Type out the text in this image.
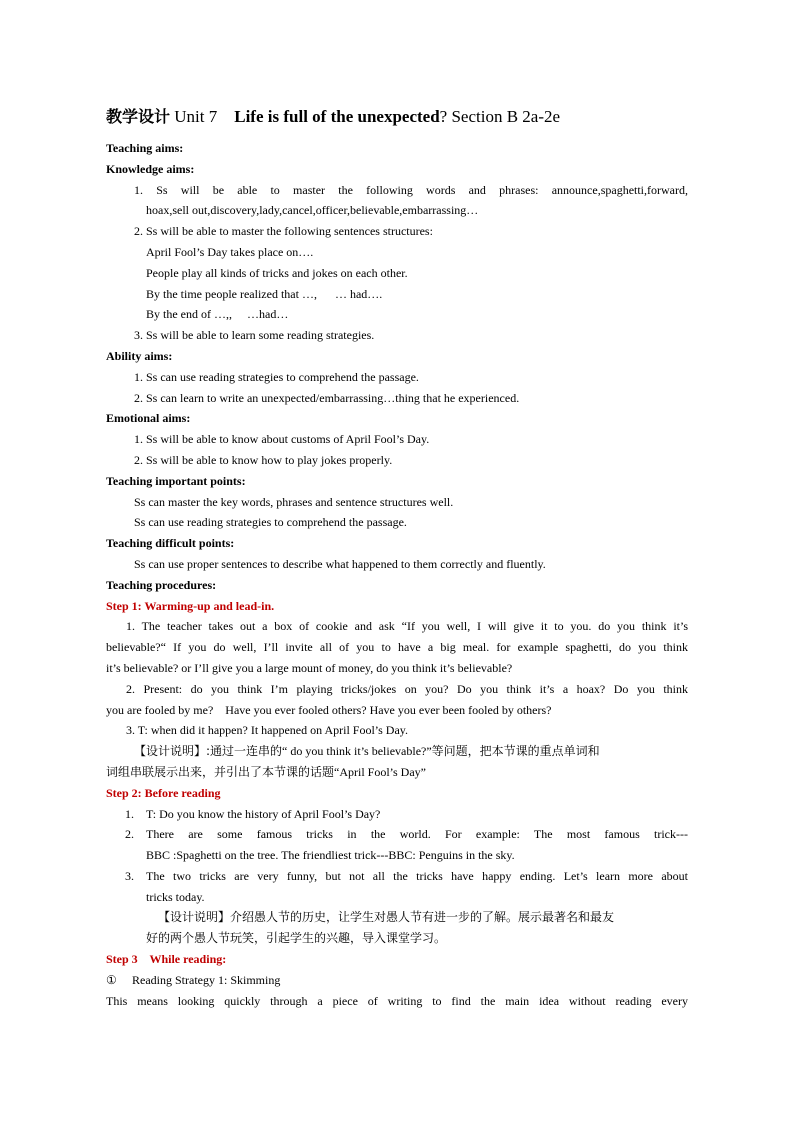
教学设计 Unit 7    Life is full of the unexpected? Section B 2a-2e
Teaching aims:
Knowledge aims:
1. Ss will be able to master the following words and phrases: announce,spaghetti,forward,
hoax,sell out,discovery,lady,cancel,officer,believable,embarrassing…
2. Ss will be able to master the following sentences structures:
April Fool’s Day takes place on….
People play all kinds of tricks and jokes on each other.
By the time people realized that …,      … had….
By the end of …,,     …had…
3. Ss will be able to learn some reading strategies.
Ability aims:
1. Ss can use reading strategies to comprehend the passage.
2. Ss can learn to write an unexpected/embarrassing…thing that he experienced.
Emotional aims:
1. Ss will be able to know about customs of April Fool’s Day.
2. Ss will be able to know how to play jokes properly.
Teaching important points:
Ss can master the key words, phrases and sentence structures well.
Ss can use reading strategies to comprehend the passage.
Teaching difficult points:
Ss can use proper sentences to describe what happened to them correctly and fluently.
Teaching procedures:
Step 1: Warming-up and lead-in.
1. The teacher takes out a box of cookie and ask “If you well, I will give it to you. do you think it’s
believable?“ If you do well, I’ll invite all of you to have a big meal. for example spaghetti, do you think
it’s believable? or I’ll give you a large mount of money, do you think it’s believable?
2. Present: do you think I’m playing tricks/jokes on you? Do you think it’s a hoax? Do you think
you are fooled by me?    Have you ever fooled others? Have you ever been fooled by others?
3. T: when did it happen? It happened on April Fool’s Day.
【设计说明】:通过一连串的“ do you think it’s believable?”等问题，把本节课的重点单词和
词组串联展示出来，并引出了本节课的话题“April Fool’s Day”
Step 2: Before reading
1.	T: Do you know the history of April Fool’s Day?
2.	There are some famous tricks in the world. For example: The most famous trick---
BBC :Spaghetti on the tree. The friendliest trick---BBC: Penguins in the sky.
3.	The two tricks are very funny, but not all the tricks have happy ending. Let’s learn more about
tricks today.
【设计说明】介绍愚人节的历史，让学生对愚人节有进一步的了解。展示最著名和最友
好的两个愚人节玩笑，引起学生的兴趣，导入课堂学习。
Step 3    While reading:
① Reading Strategy 1: Skimming
This means looking quickly through a piece of writing to find the main idea without reading every
